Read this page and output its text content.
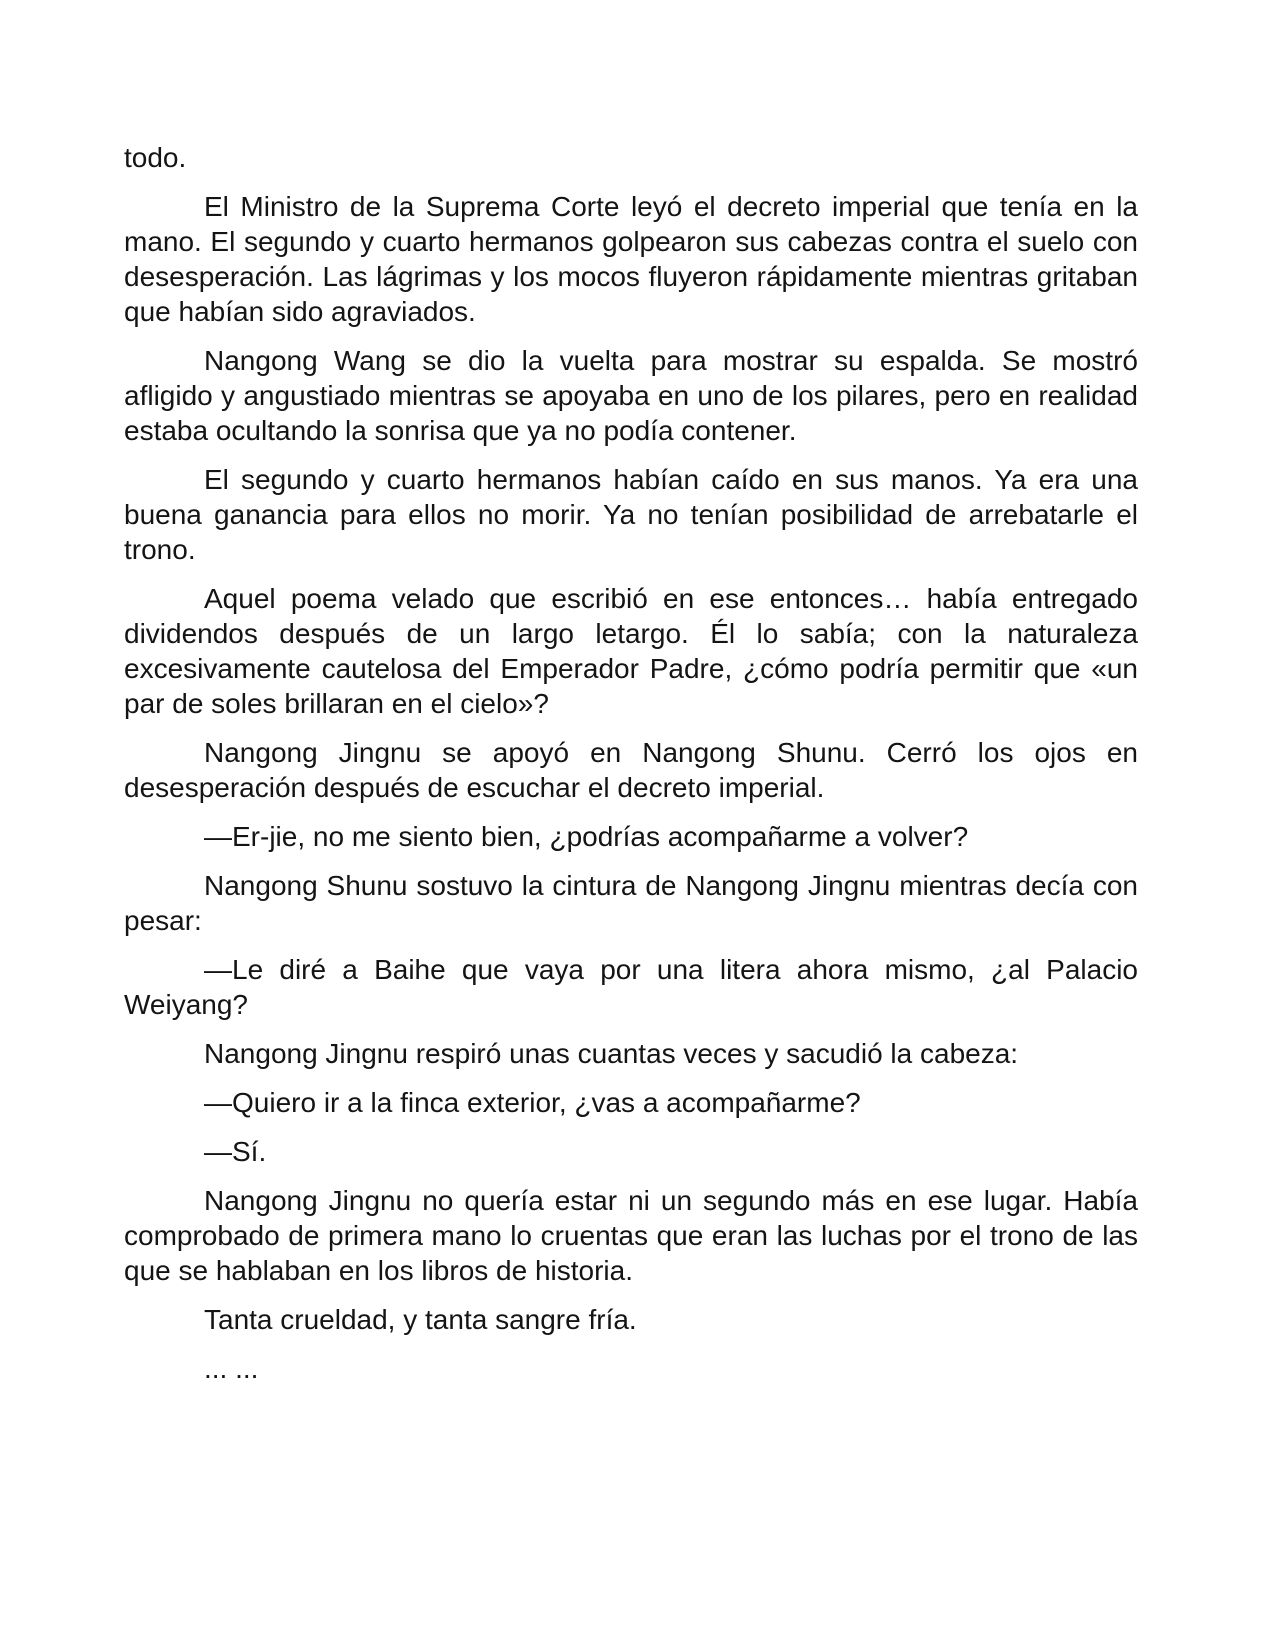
todo.

El Ministro de la Suprema Corte leyó el decreto imperial que tenía en la mano. El segundo y cuarto hermanos golpearon sus cabezas contra el suelo con desesperación. Las lágrimas y los mocos fluyeron rápidamente mientras gritaban que habían sido agraviados.

Nangong Wang se dio la vuelta para mostrar su espalda. Se mostró afligido y angustiado mientras se apoyaba en uno de los pilares, pero en realidad estaba ocultando la sonrisa que ya no podía contener.

El segundo y cuarto hermanos habían caído en sus manos. Ya era una buena ganancia para ellos no morir. Ya no tenían posibilidad de arrebatarle el trono.

Aquel poema velado que escribió en ese entonces… había entregado dividendos después de un largo letargo. Él lo sabía; con la naturaleza excesivamente cautelosa del Emperador Padre, ¿cómo podría permitir que «un par de soles brillaran en el cielo»?

Nangong Jingnu se apoyó en Nangong Shunu. Cerró los ojos en desesperación después de escuchar el decreto imperial.

—Er-jie, no me siento bien, ¿podrías acompañarme a volver?

Nangong Shunu sostuvo la cintura de Nangong Jingnu mientras decía con pesar:

—Le diré a Baihe que vaya por una litera ahora mismo, ¿al Palacio Weiyang?

Nangong Jingnu respiró unas cuantas veces y sacudió la cabeza:

—Quiero ir a la finca exterior, ¿vas a acompañarme?

—Sí.

Nangong Jingnu no quería estar ni un segundo más en ese lugar. Había comprobado de primera mano lo cruentas que eran las luchas por el trono de las que se hablaban en los libros de historia.

Tanta crueldad, y tanta sangre fría.

... ...
